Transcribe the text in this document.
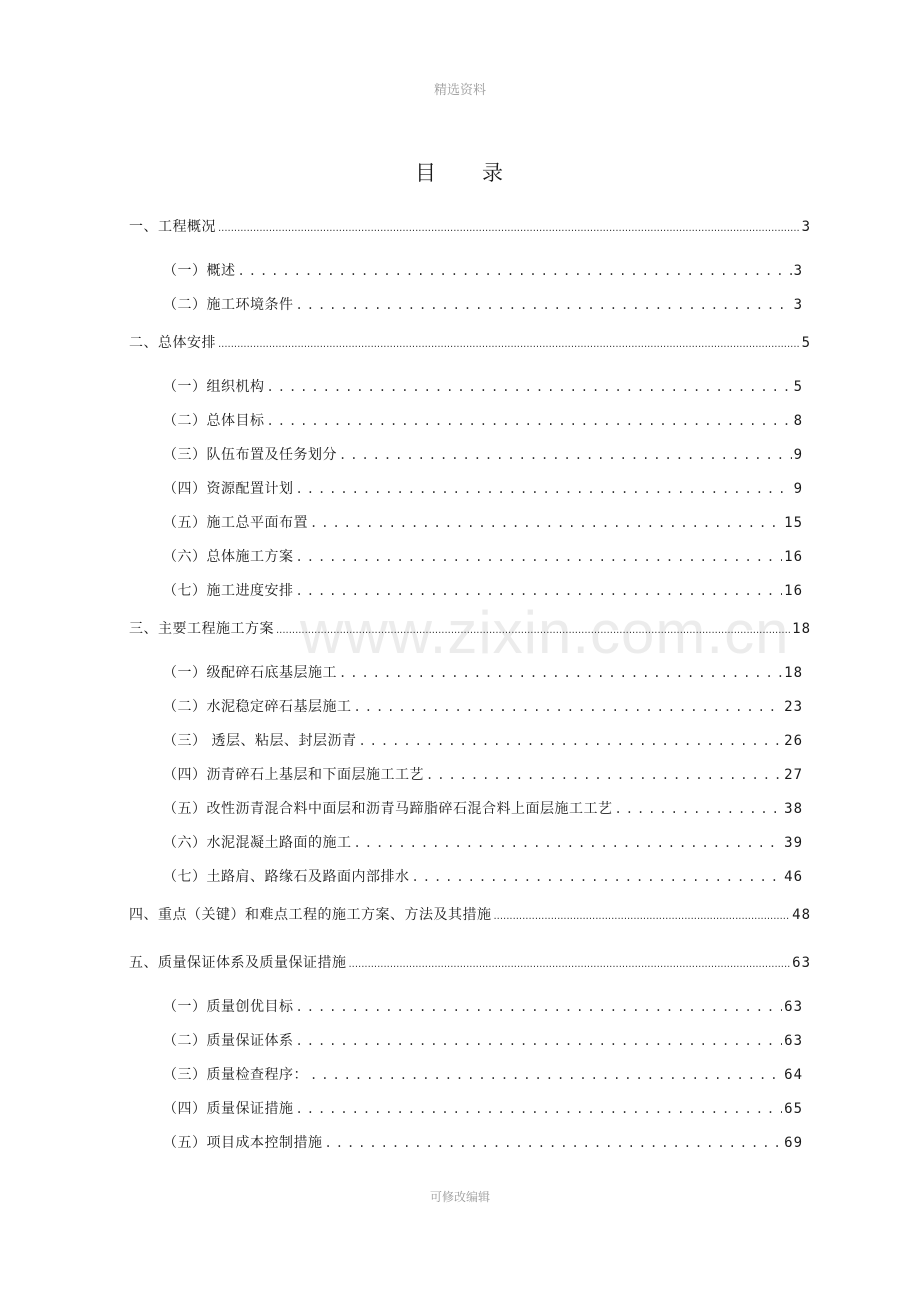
精选资料
目 录
www.zixin.com.cn
一、工程概况 .....	3
（一）概述 .....	3
（二）施工环境条件 .....	3
二、总体安排 .....	5
（一）组织机构 .....	5
（二）总体目标 .....	8
（三）队伍布置及任务划分 .....	9
（四）资源配置计划 .....	9
（五）施工总平面布置 .....	15
（六）总体施工方案 .....	16
（七）施工进度安排 .....	16
三、主要工程施工方案 .....	18
（一）级配碎石底基层施工 .....	18
（二）水泥稳定碎石基层施工 .....	23
（三） 透层、粘层、封层沥青 .....	26
（四）沥青碎石上基层和下面层施工工艺 .....	27
（五）改性沥青混合料中面层和沥青马蹄脂碎石混合料上面层施工工艺 .....	38
（六）水泥混凝土路面的施工 .....	39
（七）土路肩、路缘石及路面内部排水 .....	46
四、重点（关键）和难点工程的施工方案、方法及其措施 .....	48
五、质量保证体系及质量保证措施 .....	63
（一）质量创优目标 .....	63
（二）质量保证体系 .....	63
（三）质量检查程序： .....	64
（四）质量保证措施 .....	65
（五）项目成本控制措施 .....	69
可修改编辑
